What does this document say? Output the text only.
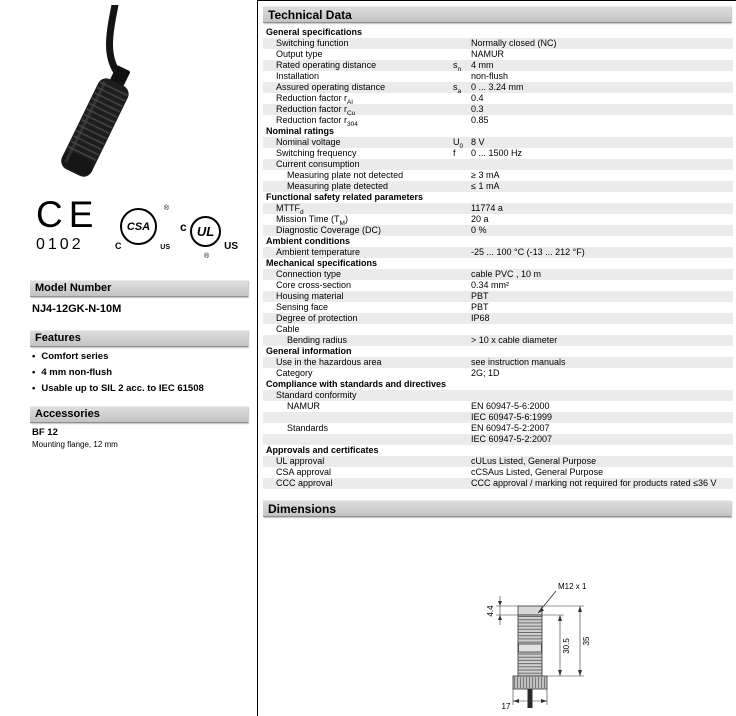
CE
0102
CSA
C	US
®
c UL
®
US
Model Number
NJ4-12GK-N-10M
Features
• Comfort series
• 4 mm non-flush
• Usable up to SIL 2 acc. to IEC 61508
Accessories
BF 12
Mounting flange, 12 mm
Technical Data
General specifications
Switching function	Normally closed (NC)
Output type	NAMUR
Rated operating distance	$s_n$	4 mm
Installation	non-flush
Assured operating distance	$s_a$	0 ... 3.24 mm
Reduction factor $r_{Al}$	0.4
Reduction factor $r_{Cu}$	0.3
Reduction factor $r_{304}$	0.85
Nominal ratings
Nominal voltage	$U_0$ 8 V
Switching frequency	f	0 ... 1500 Hz
Current consumption
Measuring plate not detected	≥ 3 mA
Measuring plate detected	≤ 1 mA
Functional safety related parameters
$MTTF_d$	11774 a
Mission Time $(T_M)$	20 a
Diagnostic Coverage (DC)	0 %
Ambient conditions
Ambient temperature	-25 ... 100 °C (-13 ... 212 °F)
Mechanical specifications
Connection type	cable PVC , 10 m
Core cross-section	0.34 mm²
Housing material	PBT
Sensing face	PBT
Degree of protection	IP68
Cable
Bending radius	> 10 x cable diameter
General information
Use in the hazardous area	see instruction manuals
Category	2G; 1D
Compliance with standards and directives
Standard conformity
NAMUR	EN 60947-5-6:2000
IEC 60947-5-6:1999
Standards	EN 60947-5-2:2007
IEC 60947-5-2:2007
Approvals and certificates
UL approval	cULus Listed, General Purpose
CSA approval	cCSAus Listed, General Purpose
CCC approval	CCC approval / marking not required for products rated ≤36 V
Dimensions
M12 x 1
4.4
30.5 35
17
